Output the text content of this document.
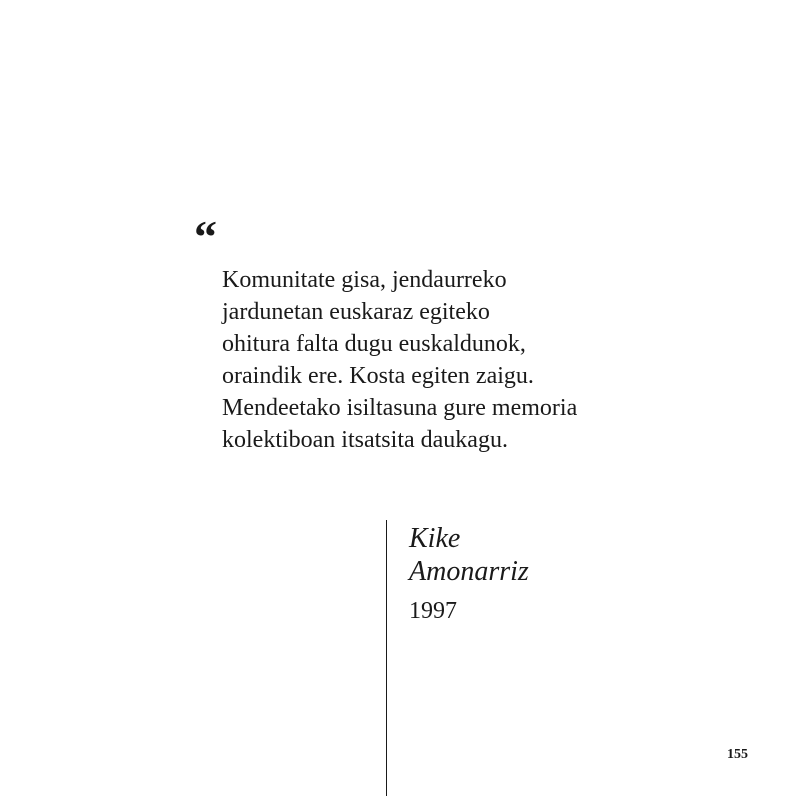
“
Komunitate gisa, jendaurreko
jardunetan euskaraz egiteko
ohitura falta dugu euskaldunok,
oraindik ere. Kosta egiten zaigu.
Mendeetako isiltasuna gure memoria
kolektiboan itsatsita daukagu.
Kike
Amonarriz
1997
155
